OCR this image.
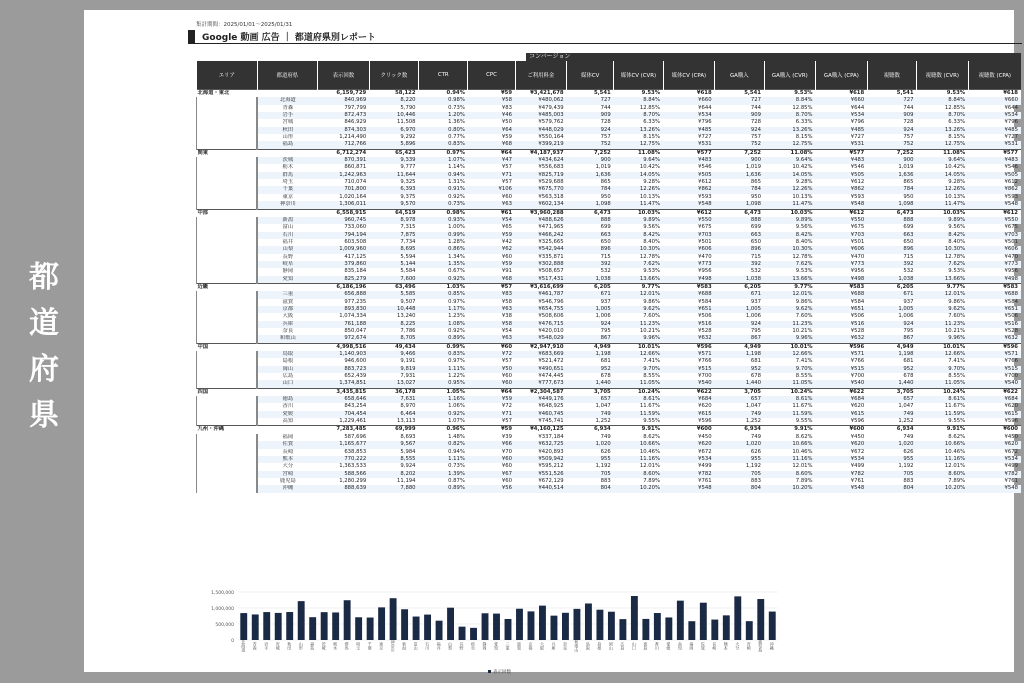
都道府県
集計期間：2025/01/01〜2025/01/31
Google 動画 広告 ｜ 都道府県別レポート
コンバージョン
エリア	都道府県	表示回数	クリック数	CTR	CPC	ご利用料金	媒体CV	媒体CV (CVR)	媒体CV (CPA)	GA購入	GA購入 (CVR)	GA購入 (CPA)	視聴数	視聴数 (CVR)	視聴数 (CPA)
北海道・東北		6,159,729	58,122	0.94%	¥59	¥3,421,678	5,541	9.53%	¥618	5,541	9.53%	¥618	5,541	9.53%	¥618
	北海道	840,969	8,220	0.98%	¥58	¥480,062	727	8.84%	¥660	727	8.84%	¥660	727	8.84%	¥660
	青森	797,799	5,790	0.73%	¥83	¥479,439	744	12.85%	¥644	744	12.85%	¥644	744	12.85%	¥644
	岩手	872,473	10,446	1.20%	¥46	¥485,003	909	8.70%	¥534	909	8.70%	¥534	909	8.70%	¥534
	宮城	846,929	11,508	1.36%	¥50	¥579,762	728	6.33%	¥796	728	6.33%	¥796	728	6.33%	¥796
	秋田	874,303	6,970	0.80%	¥64	¥448,029	924	13.26%	¥485	924	13.26%	¥485	924	13.26%	¥485
	山形	1,214,490	9,292	0.77%	¥59	¥550,164	757	8.15%	¥727	757	8.15%	¥727	757	8.15%	¥727
	福島	712,766	5,896	0.83%	¥68	¥399,219	752	12.75%	¥531	752	12.75%	¥531	752	12.75%	¥531
関東		6,712,274	65,423	0.97%	¥64	¥4,187,937	7,252	11.08%	¥577	7,252	11.08%	¥577	7,252	11.08%	¥577
	茨城	870,391	9,339	1.07%	¥47	¥434,624	900	9.64%	¥483	900	9.64%	¥483	900	9.64%	¥483
	栃木	860,871	9,777	1.14%	¥57	¥556,683	1,019	10.42%	¥546	1,019	10.42%	¥546	1,019	10.42%	¥546
	群馬	1,242,963	11,644	0.94%	¥71	¥825,719	1,636	14.05%	¥505	1,636	14.05%	¥505	1,636	14.05%	¥505
	埼玉	710,074	9,325	1.31%	¥57	¥529,688	865	9.28%	¥612	865	9.28%	¥612	865	9.28%	¥612
	千葉	701,800	6,393	0.91%	¥106	¥675,770	784	12.26%	¥862	784	12.26%	¥862	784	12.26%	¥862
	東京	1,020,164	9,375	0.92%	¥60	¥563,318	950	10.13%	¥593	950	10.13%	¥593	950	10.13%	¥593
	神奈川	1,306,011	9,570	0.73%	¥63	¥602,134	1,098	11.47%	¥548	1,098	11.47%	¥548	1,098	11.47%	¥548
中部		6,558,915	64,519	0.98%	¥61	¥3,960,288	6,473	10.03%	¥612	6,473	10.03%	¥612	6,473	10.03%	¥612
	新潟	960,745	8,978	0.93%	¥54	¥488,626	888	9.89%	¥550	888	9.89%	¥550	888	9.89%	¥550
	富山	733,060	7,315	1.00%	¥65	¥471,965	699	9.56%	¥675	699	9.56%	¥675	699	9.56%	¥675
	石川	794,194	7,875	0.99%	¥59	¥466,242	663	8.42%	¥703	663	8.42%	¥703	663	8.42%	¥703
	福井	603,508	7,734	1.28%	¥42	¥325,665	650	8.40%	¥501	650	8.40%	¥501	650	8.40%	¥501
	山梨	1,009,960	8,695	0.86%	¥62	¥542,944	896	10.30%	¥606	896	10.30%	¥606	896	10.30%	¥606
	長野	417,125	5,594	1.34%	¥60	¥335,871	715	12.78%	¥470	715	12.78%	¥470	715	12.78%	¥470
	岐阜	379,860	5,144	1.35%	¥59	¥302,888	392	7.62%	¥773	392	7.62%	¥773	392	7.62%	¥773
	静岡	835,184	5,584	0.67%	¥91	¥508,657	532	9.53%	¥956	532	9.53%	¥956	532	9.53%	¥956
	愛知	825,279	7,600	0.92%	¥68	¥517,431	1,038	13.66%	¥498	1,038	13.66%	¥498	1,038	13.66%	¥498
近畿		6,186,196	63,496	1.03%	¥57	¥3,616,699	6,205	9.77%	¥583	6,205	9.77%	¥583	6,205	9.77%	¥583
	三重	656,888	5,585	0.85%	¥83	¥461,787	671	12.01%	¥688	671	12.01%	¥688	671	12.01%	¥688
	滋賀	977,235	9,507	0.97%	¥58	¥546,796	937	9.86%	¥584	937	9.86%	¥584	937	9.86%	¥584
	京都	893,830	10,448	1.17%	¥63	¥654,755	1,005	9.62%	¥651	1,005	9.62%	¥651	1,005	9.62%	¥651
	大阪	1,074,334	13,240	1.23%	¥38	¥508,606	1,006	7.60%	¥506	1,006	7.60%	¥506	1,006	7.60%	¥506
	兵庫	761,188	8,225	1.08%	¥58	¥476,715	924	11.23%	¥516	924	11.23%	¥516	924	11.23%	¥516
	奈良	850,047	7,786	0.92%	¥54	¥420,010	795	10.21%	¥528	795	10.21%	¥528	795	10.21%	¥528
	和歌山	972,674	8,705	0.89%	¥63	¥548,029	867	9.96%	¥632	867	9.96%	¥632	867	9.96%	¥632
中国		4,998,516	49,434	0.99%	¥60	¥2,947,910	4,949	10.01%	¥596	4,949	10.01%	¥596	4,949	10.01%	¥596
	鳥取	1,140,903	9,466	0.83%	¥72	¥683,669	1,198	12.66%	¥571	1,198	12.66%	¥571	1,198	12.66%	¥571
	島根	946,600	9,191	0.97%	¥57	¥521,472	681	7.41%	¥766	681	7.41%	¥766	681	7.41%	¥766
	岡山	883,723	9,819	1.11%	¥50	¥490,651	952	9.70%	¥515	952	9.70%	¥515	952	9.70%	¥515
	広島	652,439	7,931	1.22%	¥60	¥474,445	678	8.55%	¥700	678	8.55%	¥700	678	8.55%	¥700
	山口	1,374,851	13,027	0.95%	¥60	¥777,673	1,440	11.05%	¥540	1,440	11.05%	¥540	1,440	11.05%	¥540
四国		3,435,815	36,178	1.05%	¥64	¥2,304,587	3,705	10.24%	¥622	3,705	10.24%	¥622	3,705	10.24%	¥622
	徳島	658,646	7,631	1.16%	¥59	¥449,176	657	8.61%	¥684	657	8.61%	¥684	657	8.61%	¥684
	香川	843,254	8,970	1.06%	¥72	¥648,925	1,047	11.67%	¥620	1,047	11.67%	¥620	1,047	11.67%	¥620
	愛媛	704,454	6,464	0.92%	¥71	¥460,745	749	11.59%	¥615	749	11.59%	¥615	749	11.59%	¥615
	高知	1,229,461	13,113	1.07%	¥57	¥745,741	1,252	9.55%	¥596	1,252	9.55%	¥596	1,252	9.55%	¥596
九州・沖縄		7,283,485	69,999	0.96%	¥59	¥4,160,125	6,934	9.91%	¥600	6,934	9.91%	¥600	6,934	9.91%	¥600
	福岡	587,696	8,693	1.48%	¥39	¥337,184	749	8.62%	¥450	749	8.62%	¥450	749	8.62%	¥450
	佐賀	1,165,677	9,567	0.82%	¥66	¥632,725	1,020	10.66%	¥620	1,020	10.66%	¥620	1,020	10.66%	¥620
	長崎	638,853	5,984	0.94%	¥70	¥420,893	626	10.46%	¥672	626	10.46%	¥672	626	10.46%	¥672
	熊本	770,222	8,555	1.11%	¥60	¥509,942	955	11.16%	¥534	955	11.16%	¥534	955	11.16%	¥534
	大分	1,363,533	9,924	0.73%	¥60	¥595,212	1,192	12.01%	¥499	1,192	12.01%	¥499	1,192	12.01%	¥499
	宮崎	588,566	8,202	1.39%	¥67	¥551,526	705	8.60%	¥782	705	8.60%	¥782	705	8.60%	¥782
	鹿児島	1,280,299	11,194	0.87%	¥60	¥672,129	883	7.89%	¥761	883	7.89%	¥761	883	7.89%	¥761
	沖縄	888,639	7,880	0.89%	¥56	¥440,514	804	10.20%	¥548	804	10.20%	¥548	804	10.20%	¥548
0
500,000
1,000,000
1,500,000
北海道 青森 岩手 宮城 秋田 山形 福島 茨城 栃木 群馬 埼玉 千葉 東京 神奈川 新潟 富山 石川 福井 山梨 長野 岐阜 静岡 愛知 三重 滋賀 京都 大阪 兵庫 奈良 和歌山 鳥取 島根 岡山 広島 山口 徳島 香川 愛媛 高知 福岡 佐賀 長崎 熊本 大分 宮崎 鹿児島 沖縄
表示回数
